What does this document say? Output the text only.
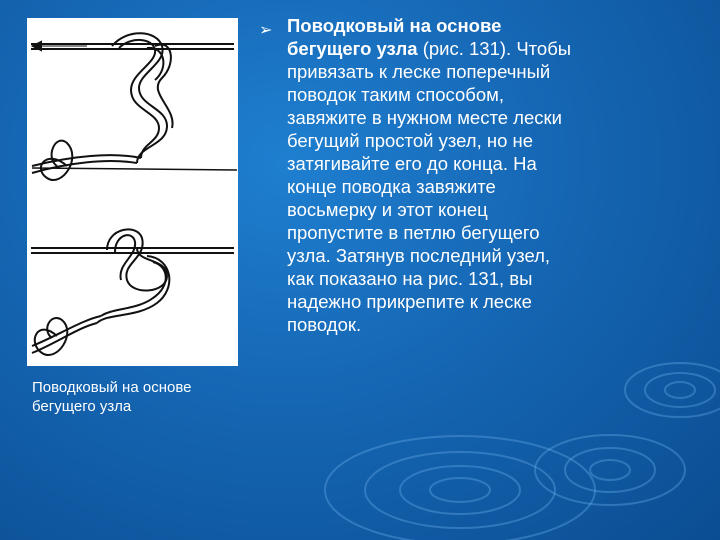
Поводковый на основе
бегущего узла
➢ Поводковый на основе
бегущего узла (рис. 131). Чтобы
привязать к леске поперечный
поводок таким способом,
завяжите в нужном месте лески
бегущий простой узел, но не
затягивайте его до конца. На
конце поводка завяжите
восьмерку и этот конец
пропустите в петлю бегущего
узла. Затянув последний узел,
как показано на рис. 131, вы
надежно прикрепите к леске
поводок.
